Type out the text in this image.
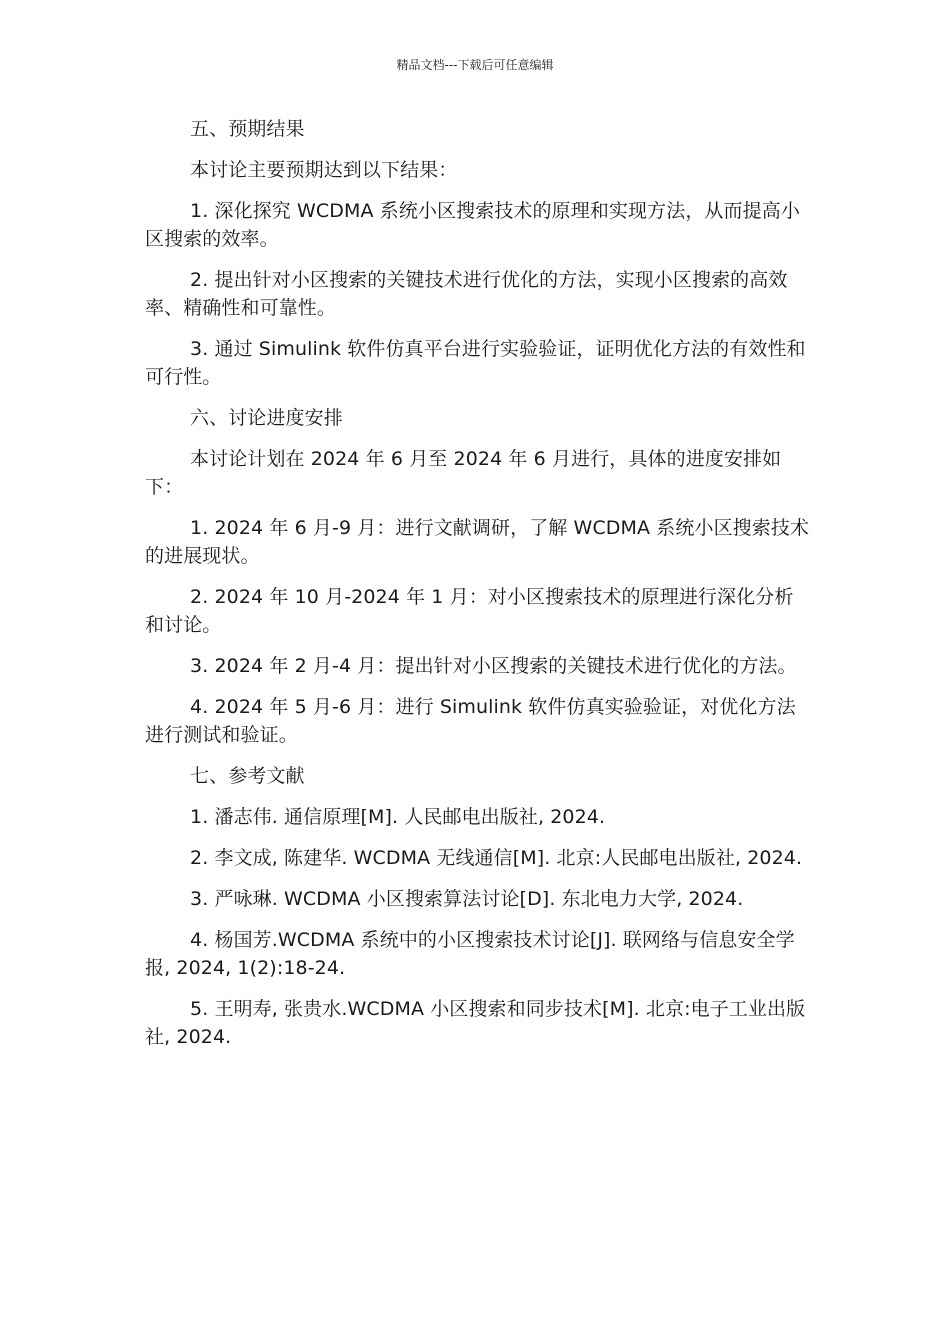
精品文档---下载后可任意编辑

五、预期结果

本讨论主要预期达到以下结果：

1. 深化探究 WCDMA 系统小区搜索技术的原理和实现方法，从而提高小区搜索的效率。

2. 提出针对小区搜索的关键技术进行优化的方法，实现小区搜索的高效率、精确性和可靠性。

3. 通过 Simulink 软件仿真平台进行实验验证，证明优化方法的有效性和可行性。

六、讨论进度安排

本讨论计划在 2024 年 6 月至 2024 年 6 月进行，具体的进度安排如下：

1. 2024 年 6 月-9 月：进行文献调研，了解 WCDMA 系统小区搜索技术的进展现状。

2. 2024 年 10 月-2024 年 1 月：对小区搜索技术的原理进行深化分析和讨论。

3. 2024 年 2 月-4 月：提出针对小区搜索的关键技术进行优化的方法。

4. 2024 年 5 月-6 月：进行 Simulink 软件仿真实验验证，对优化方法进行测试和验证。

七、参考文献

1. 潘志伟. 通信原理[M]. 人民邮电出版社, 2024.

2. 李文成, 陈建华. WCDMA 无线通信[M]. 北京:人民邮电出版社, 2024.

3. 严咏琳. WCDMA 小区搜索算法讨论[D]. 东北电力大学, 2024.

4. 杨国芳.WCDMA 系统中的小区搜索技术讨论[J]. 联网络与信息安全学报, 2024, 1(2):18-24.

5. 王明寿, 张贵水.WCDMA 小区搜索和同步技术[M]. 北京:电子工业出版社, 2024.
